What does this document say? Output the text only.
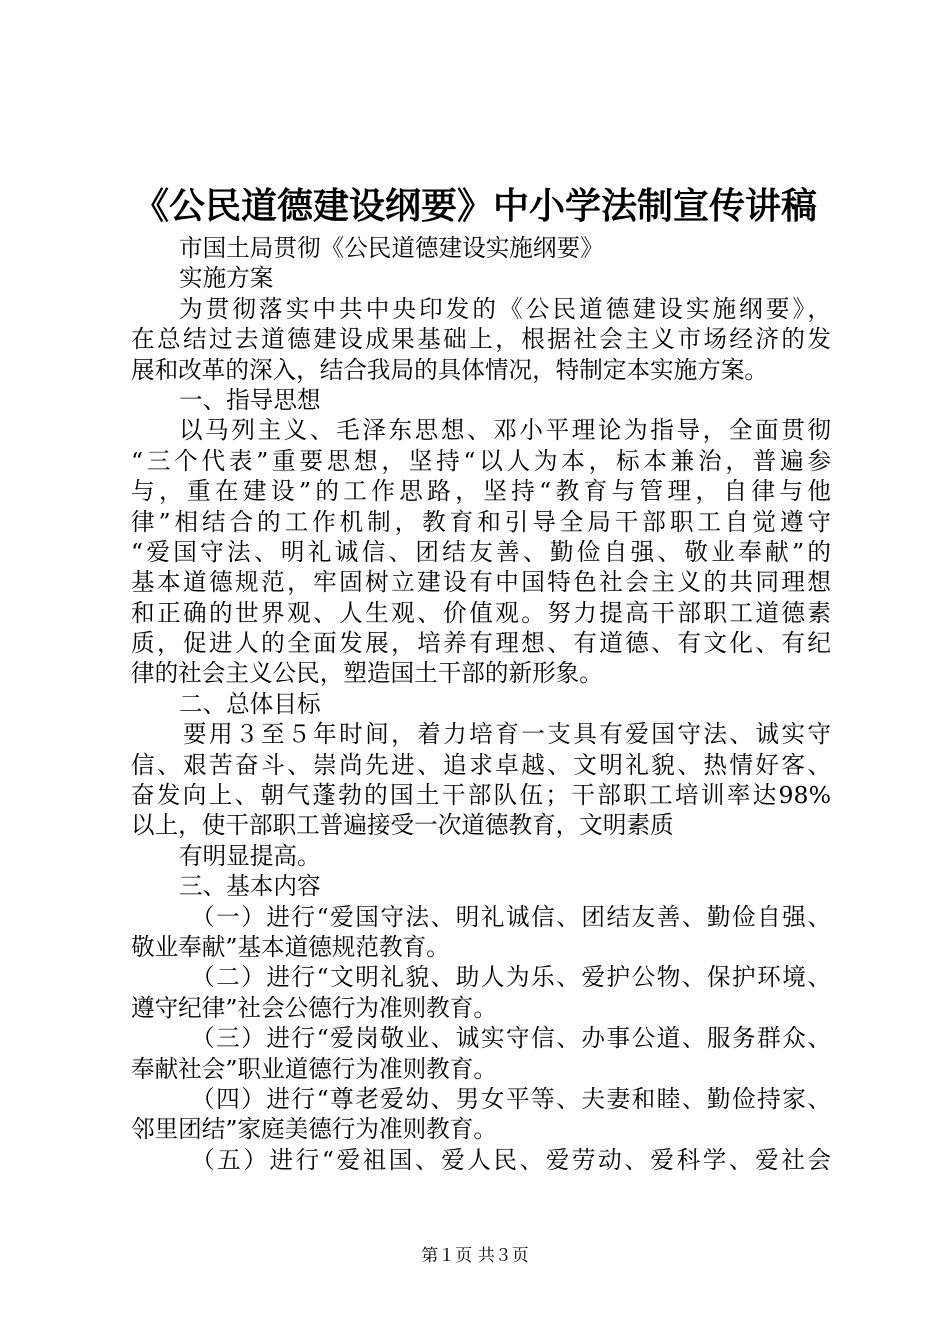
《公民道德建设纲要》中小学法制宣传讲稿
市国土局贯彻《公民道德建设实施纲要》
实施方案
为贯彻落实中共中央印发的《公民道德建设实施纲要》，
在总结过去道德建设成果基础上，根据社会主义市场经济的发
展和改革的深入，结合我局的具体情况，特制定本实施方案。
一、指导思想
以马列主义、毛泽东思想、邓小平理论为指导，全面贯彻
“三个代表”重要思想，坚持“以人为本，标本兼治，普遍参
与，重在建设”的工作思路，坚持“教育与管理，自律与他
律”相结合的工作机制，教育和引导全局干部职工自觉遵守
“爱国守法、明礼诚信、团结友善、勤俭自强、敬业奉献”的
基本道德规范，牢固树立建设有中国特色社会主义的共同理想
和正确的世界观、人生观、价值观。努力提高干部职工道德素
质，促进人的全面发展，培养有理想、有道德、有文化、有纪
律的社会主义公民，塑造国土干部的新形象。
二、总体目标
要用３至５年时间，着力培育一支具有爱国守法、诚实守
信、艰苦奋斗、崇尚先进、追求卓越、文明礼貌、热情好客、
奋发向上、朝气蓬勃的国土干部队伍；干部职工培训率达98%
以上，使干部职工普遍接受一次道德教育，文明素质
有明显提高。
三、基本内容
（一）进行“爱国守法、明礼诚信、团结友善、勤俭自强、
敬业奉献”基本道德规范教育。
（二）进行“文明礼貌、助人为乐、爱护公物、保护环境、
遵守纪律”社会公德行为准则教育。
（三）进行“爱岗敬业、诚实守信、办事公道、服务群众、
奉献社会”职业道德行为准则教育。
（四）进行“尊老爱幼、男女平等、夫妻和睦、勤俭持家、
邻里团结”家庭美德行为准则教育。
（五）进行“爱祖国、爱人民、爱劳动、爱科学、爱社会
第１页 共３页
